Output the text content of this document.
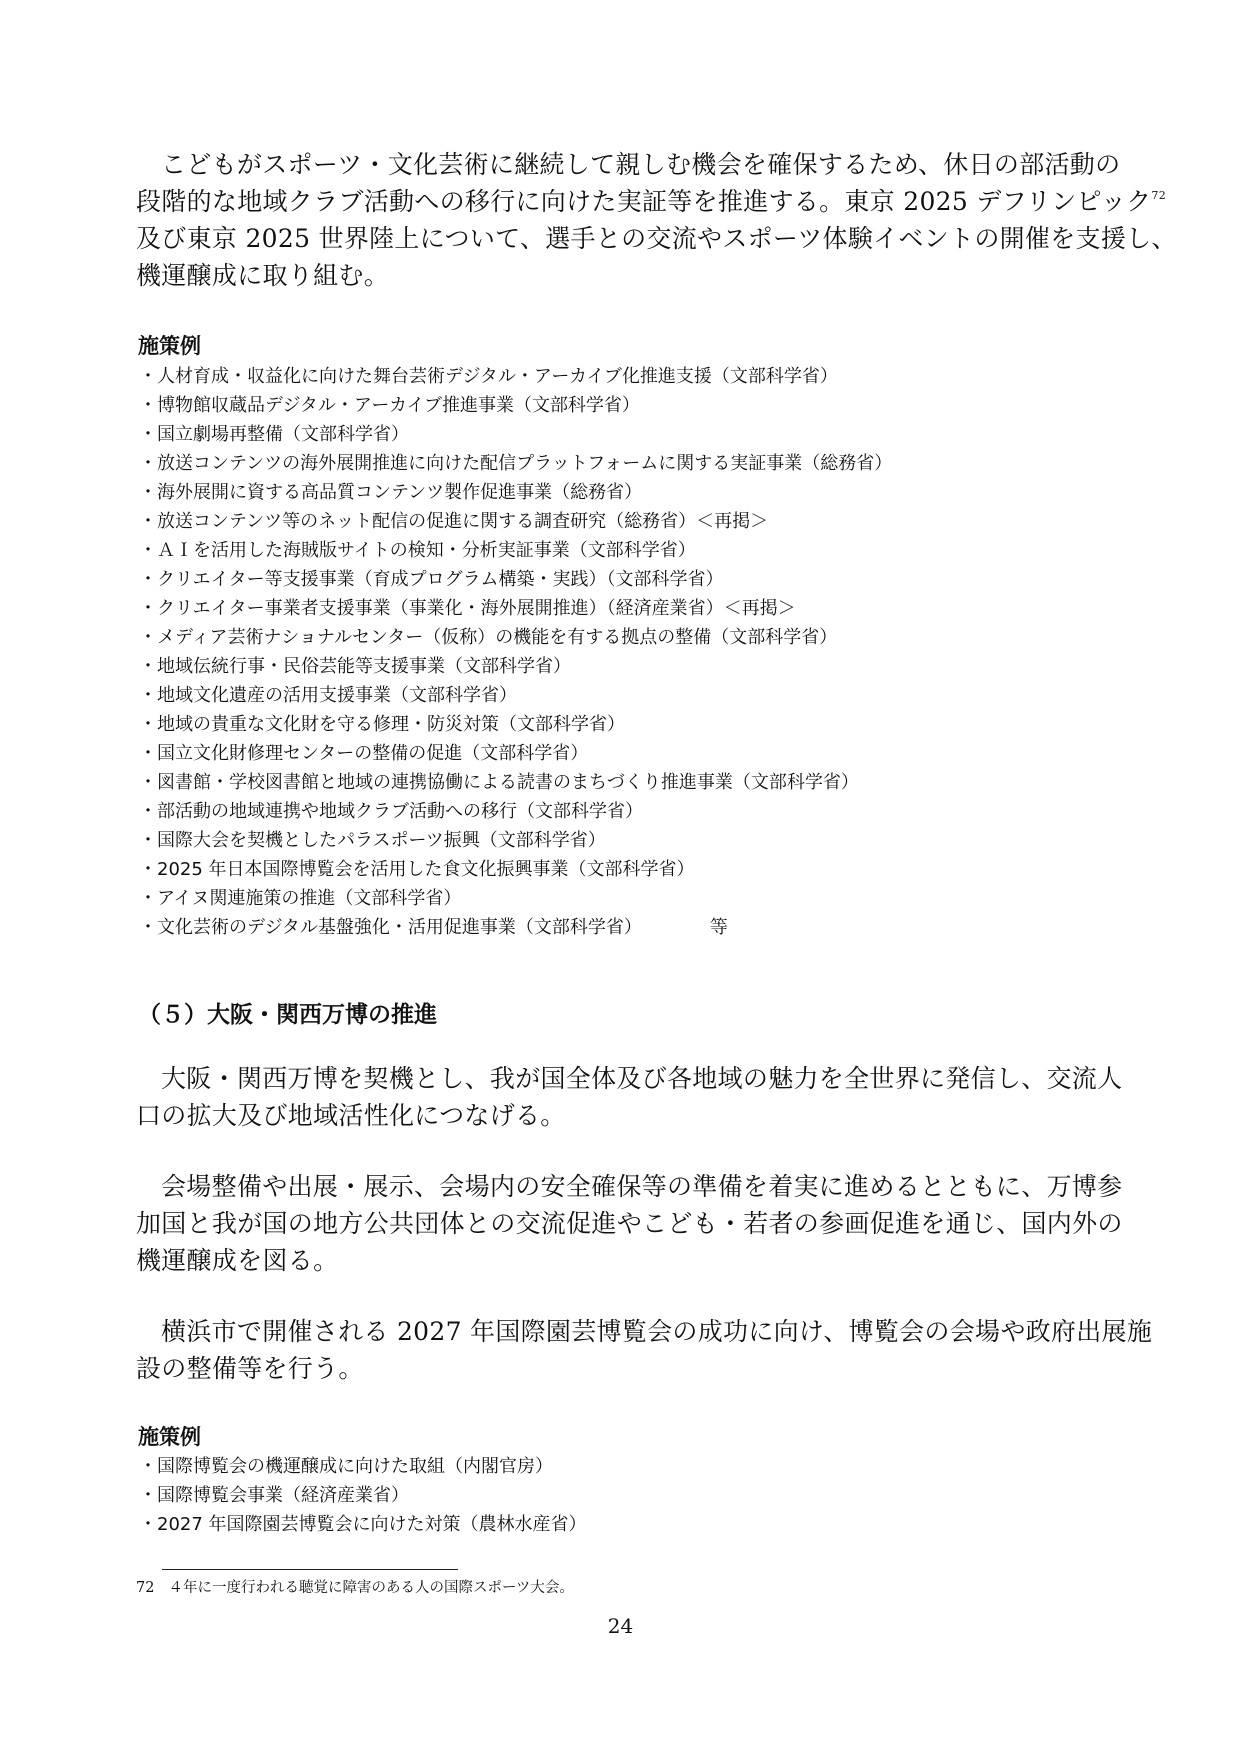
こどもがスポーツ・文化芸術に継続して親しむ機会を確保するため、休日の部活動の
段階的な地域クラブ活動への移行に向けた実証等を推進する。東京 2025 デフリンピック$^{72}$
及び東京 2025 世界陸上について、選手との交流やスポーツ体験イベントの開催を支援し、
機運醸成に取り組む。
施策例
・人材育成・収益化に向けた舞台芸術デジタル・アーカイブ化推進支援（文部科学省）
・博物館収蔵品デジタル・アーカイブ推進事業（文部科学省）
・国立劇場再整備（文部科学省）
・放送コンテンツの海外展開推進に向けた配信プラットフォームに関する実証事業（総務省）
・海外展開に資する高品質コンテンツ製作促進事業（総務省）
・放送コンテンツ等のネット配信の促進に関する調査研究（総務省）＜再掲＞
・ＡＩを活用した海賊版サイトの検知・分析実証事業（文部科学省）
・クリエイター等支援事業（育成プログラム構築・実践）（文部科学省）
・クリエイター事業者支援事業（事業化・海外展開推進）（経済産業省）＜再掲＞
・メディア芸術ナショナルセンター（仮称）の機能を有する拠点の整備（文部科学省）
・地域伝統行事・民俗芸能等支援事業（文部科学省）
・地域文化遺産の活用支援事業（文部科学省）
・地域の貴重な文化財を守る修理・防災対策（文部科学省）
・国立文化財修理センターの整備の促進（文部科学省）
・図書館・学校図書館と地域の連携協働による読書のまちづくり推進事業（文部科学省）
・部活動の地域連携や地域クラブ活動への移行（文部科学省）
・国際大会を契機としたパラスポーツ振興（文部科学省）
・2025 年日本国際博覧会を活用した食文化振興事業（文部科学省）
・アイヌ関連施策の推進（文部科学省）
・文化芸術のデジタル基盤強化・活用促進事業（文部科学省）	等
（５）大阪・関西万博の推進
大阪・関西万博を契機とし、我が国全体及び各地域の魅力を全世界に発信し、交流人
口の拡大及び地域活性化につなげる。
会場整備や出展・展示、会場内の安全確保等の準備を着実に進めるとともに、万博参
加国と我が国の地方公共団体との交流促進やこども・若者の参画促進を通じ、国内外の
機運醸成を図る。
横浜市で開催される 2027 年国際園芸博覧会の成功に向け、博覧会の会場や政府出展施
設の整備等を行う。
施策例
・国際博覧会の機運醸成に向けた取組（内閣官房）
・国際博覧会事業（経済産業省）
・2027 年国際園芸博覧会に向けた対策（農林水産省）
72 ４年に一度行われる聴覚に障害のある人の国際スポーツ大会。
24
